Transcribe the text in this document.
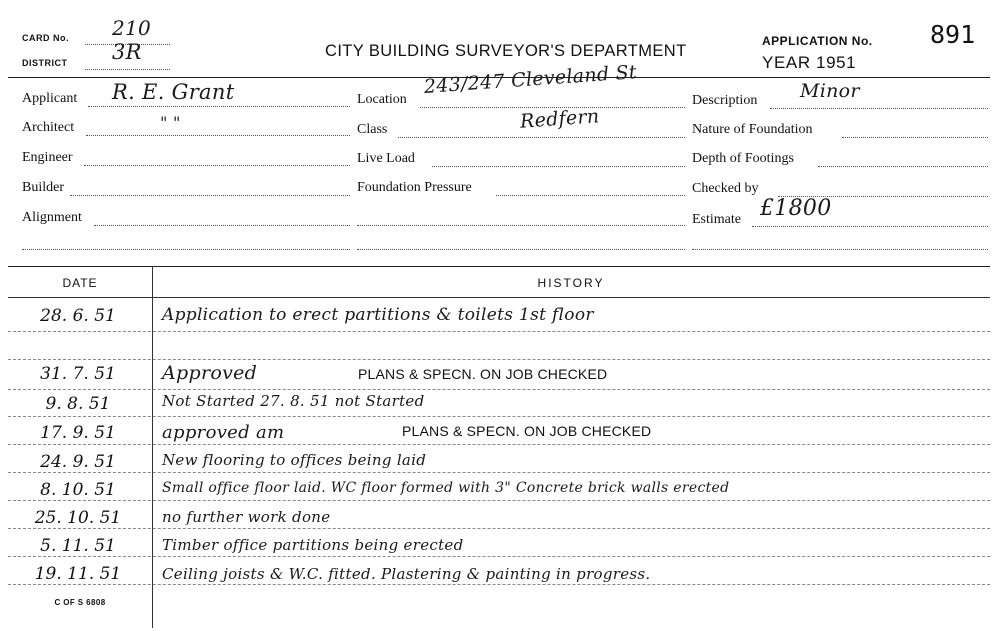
CARD No. 210
DISTRICT 3R	CITY BUILDING SURVEYOR'S DEPARTMENT
APPLICATION No. 891
YEAR 1951
Applicant R. E. Grant
Architect	" "
Engineer
Builder
Alignment
Location
243/247 Cleveland St
Redfern
Class
Live Load
Foundation Pressure
Description Minor
Nature of Foundation
Depth of Footings
Checked by
Estimate £1800
DATE	HISTORY
28. 6. 51	Application to erect partitions & toilets 1st floor
31. 7. 51	Approved	PLANS & SPECN. ON JOB CHECKED
9. 8. 51	Not Started 27. 8. 51 not Started
17. 9. 51	approved am	PLANS & SPECN. ON JOB CHECKED
24. 9. 51	New flooring to offices being laid
8. 10. 51	Small office floor laid. WC floor formed with 3" Concrete brick walls erected
25. 10. 51	no further work done
5. 11. 51	Timber office partitions being erected
19. 11. 51	Ceiling joists & W.C. fitted. Plastering & painting in progress.
C OF S 6808
